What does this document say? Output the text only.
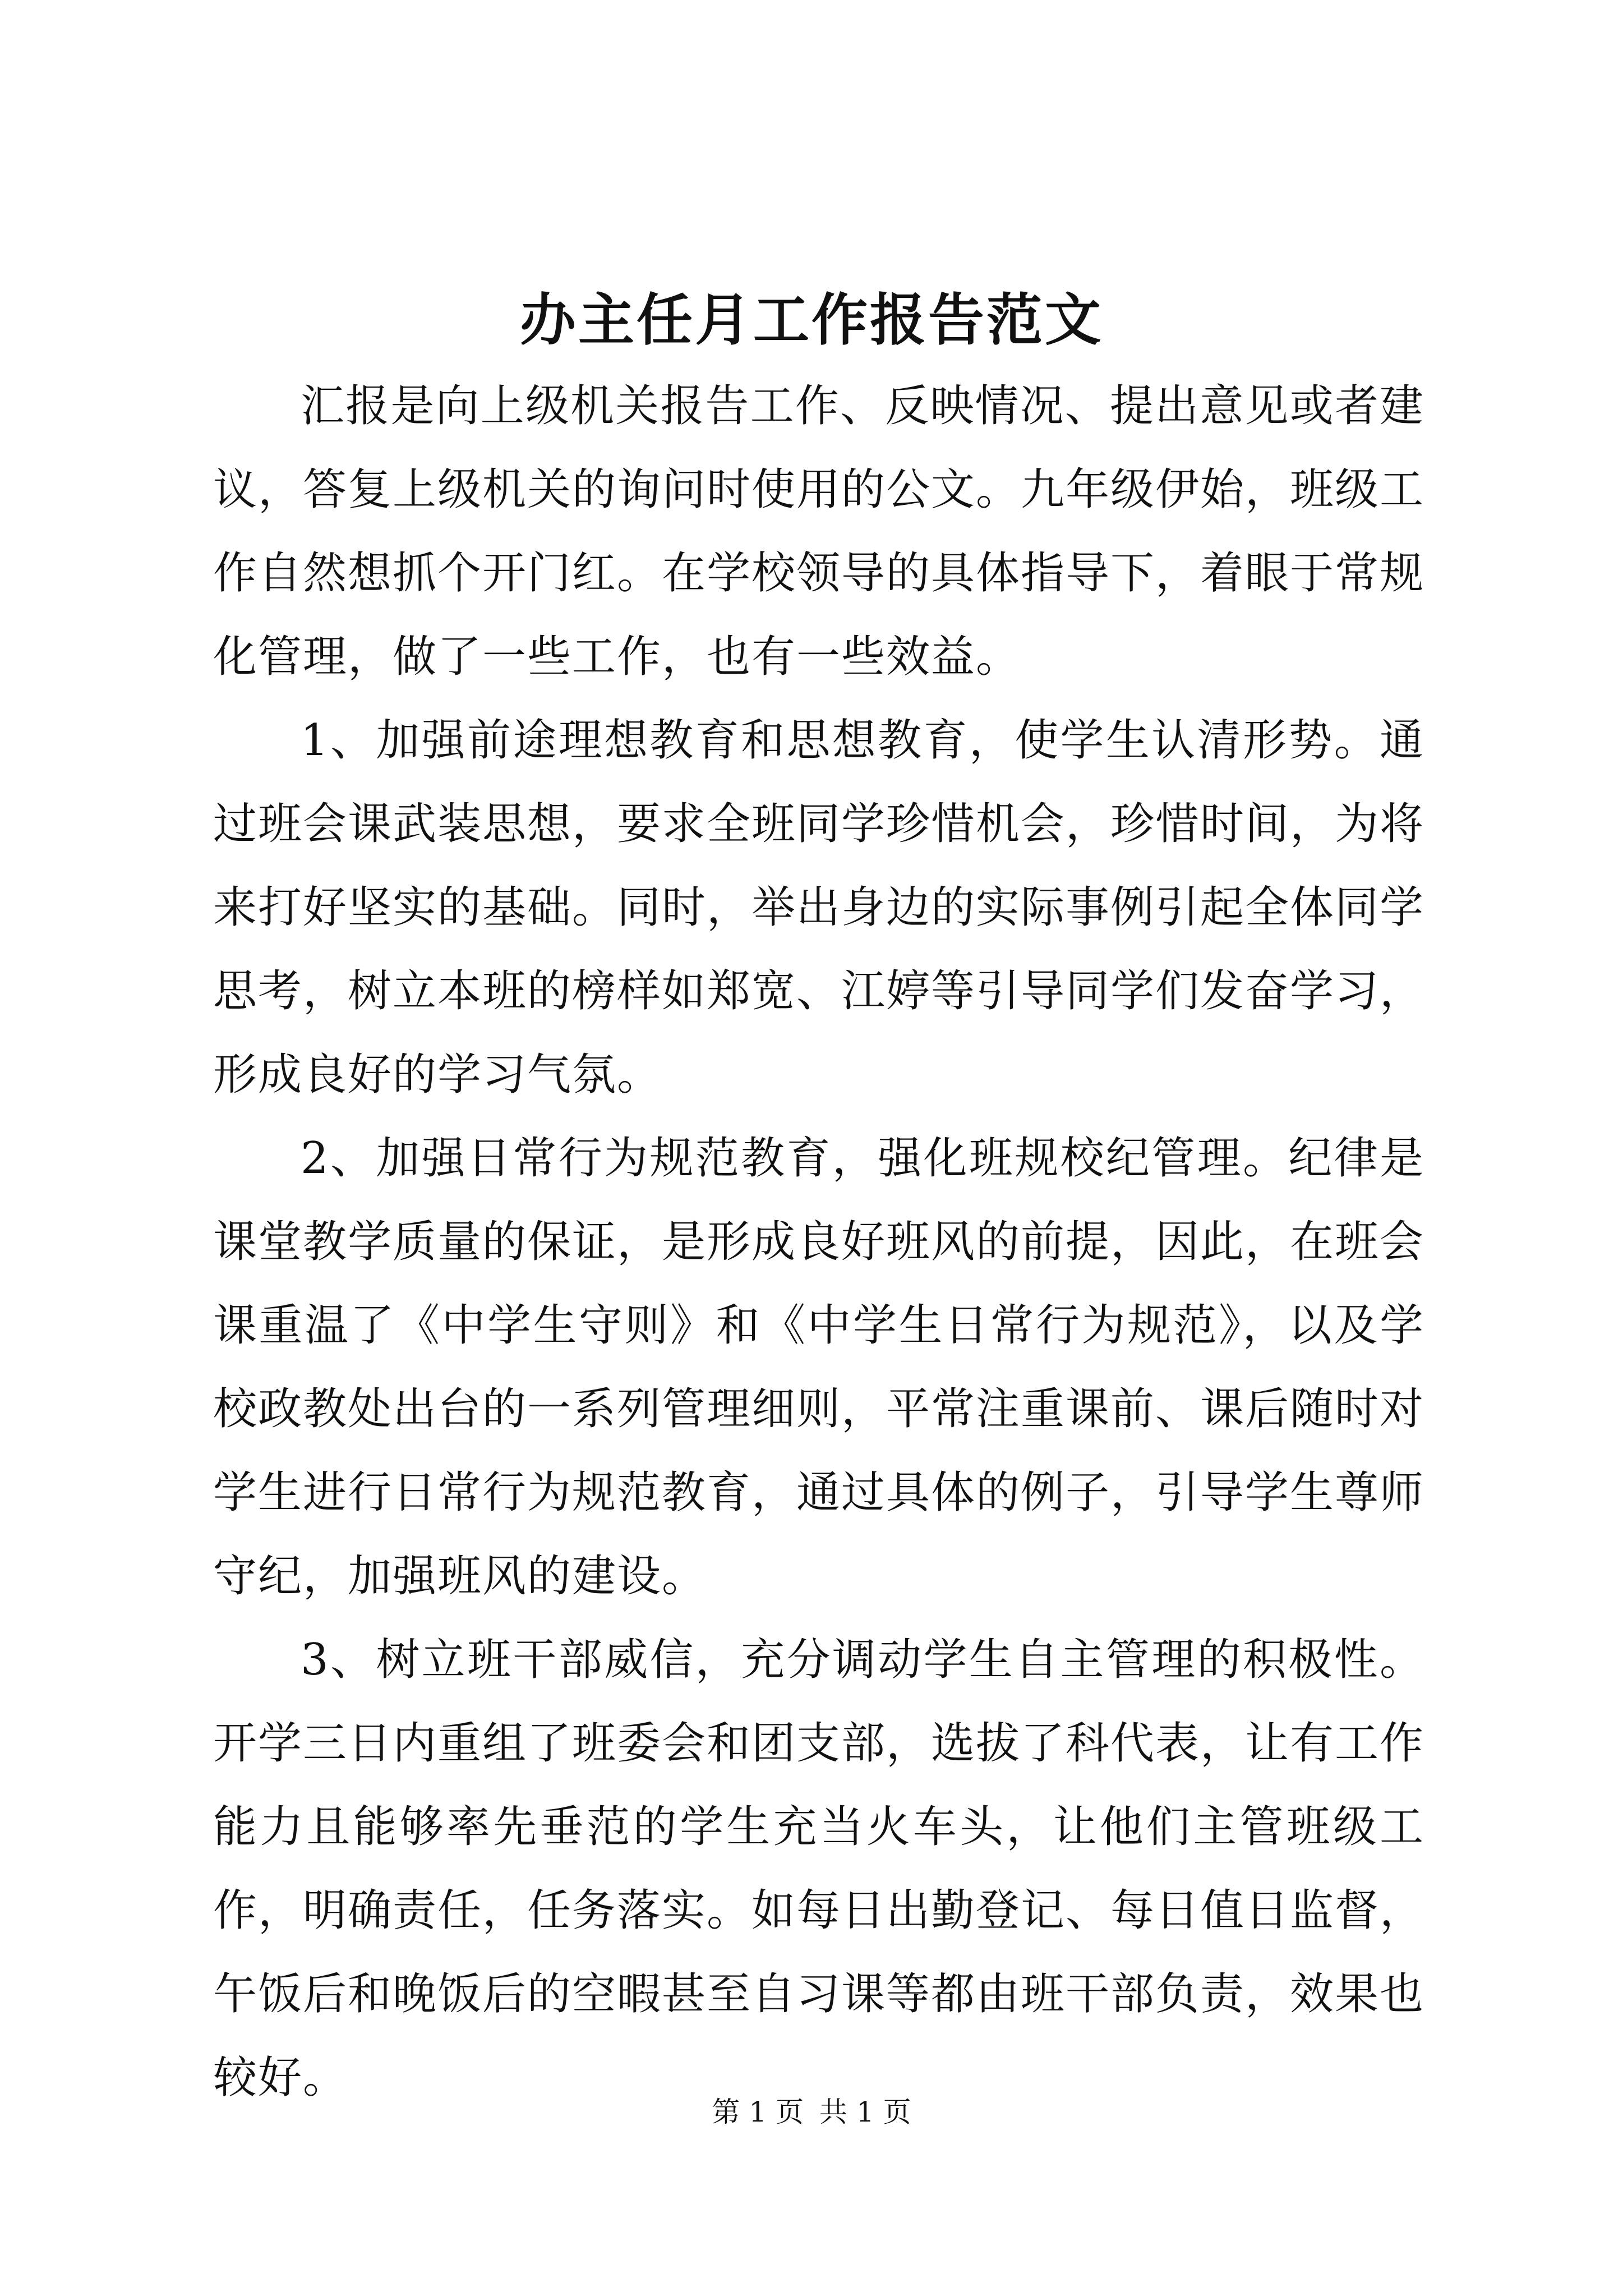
办主任月工作报告范文

汇报是向上级机关报告工作、反映情况、提出意见或者建议，答复上级机关的询问时使用的公文。九年级伊始，班级工作自然想抓个开门红。在学校领导的具体指导下，着眼于常规化管理，做了一些工作，也有一些效益。

1、加强前途理想教育和思想教育，使学生认清形势。通过班会课武装思想，要求全班同学珍惜机会，珍惜时间，为将来打好坚实的基础。同时，举出身边的实际事例引起全体同学思考，树立本班的榜样如郑宽、江婷等引导同学们发奋学习，形成良好的学习气氛。

2、加强日常行为规范教育，强化班规校纪管理。纪律是课堂教学质量的保证，是形成良好班风的前提，因此，在班会课重温了《中学生守则》和《中学生日常行为规范》，以及学校政教处出台的一系列管理细则，平常注重课前、课后随时对学生进行日常行为规范教育，通过具体的例子，引导学生尊师守纪，加强班风的建设。

3、树立班干部威信，充分调动学生自主管理的积极性。开学三日内重组了班委会和团支部，选拔了科代表，让有工作能力且能够率先垂范的学生充当火车头，让他们主管班级工作，明确责任，任务落实。如每日出勤登记、每日值日监督，午饭后和晚饭后的空暇甚至自习课等都由班干部负责，效果也较好。

第 1 页 共 1 页
